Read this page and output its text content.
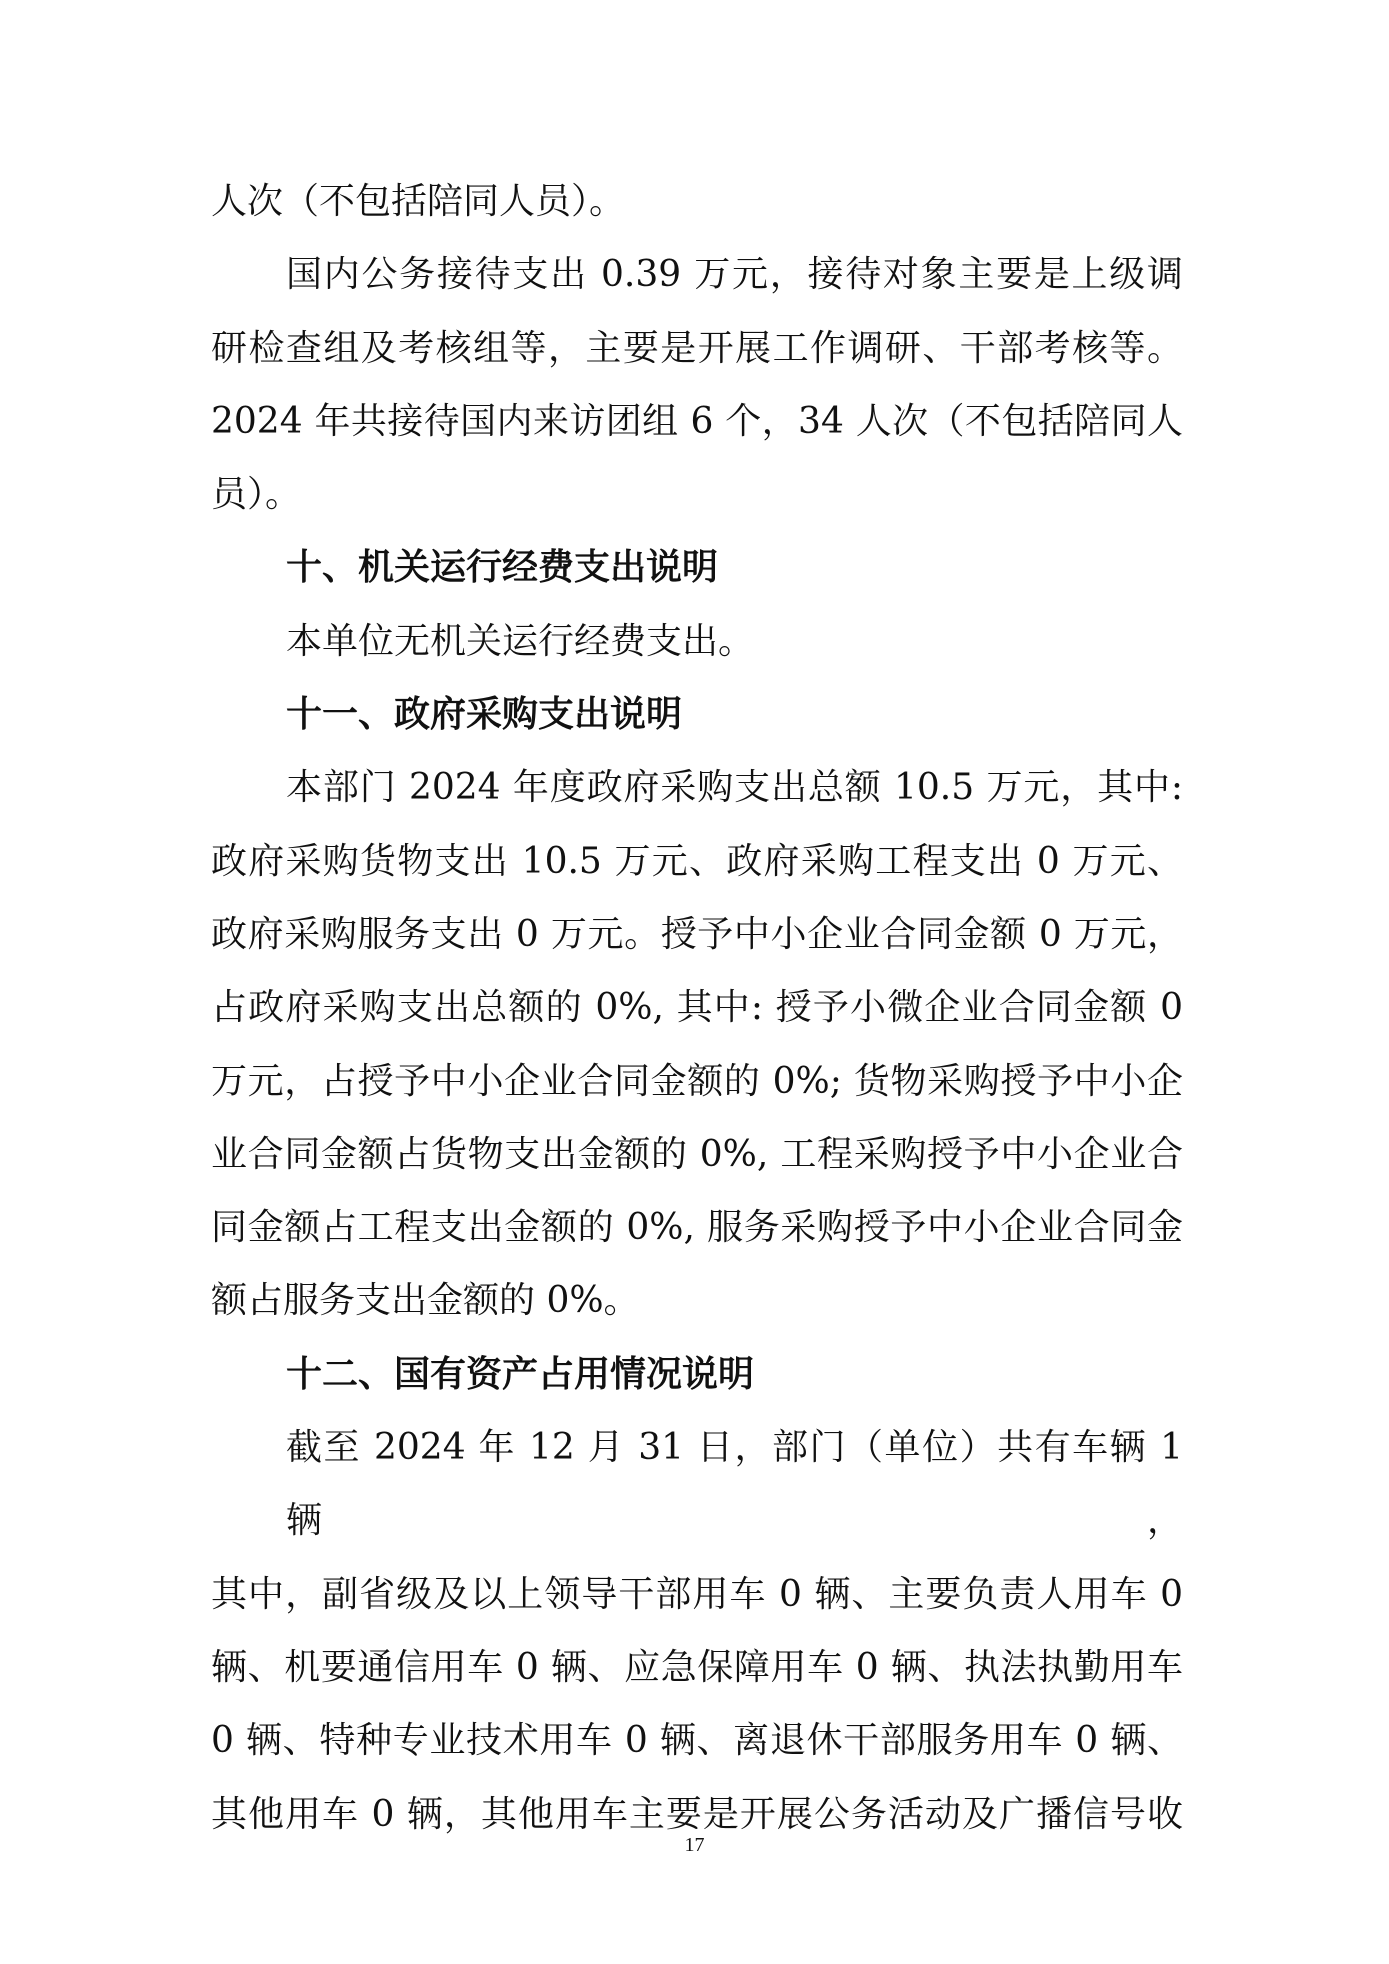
人次（不包括陪同人员）。
国内公务接待支出 0.39 万元，接待对象主要是上级调
研检查组及考核组等，主要是开展工作调研、干部考核等。
2024 年共接待国内来访团组 6 个，34 人次（不包括陪同人
员）。
十、机关运行经费支出说明
本单位无机关运行经费支出。
十一、政府采购支出说明
本部门 2024 年度政府采购支出总额 10.5 万元，其中:
政府采购货物支出 10.5 万元、政府采购工程支出 0 万元、
政府采购服务支出 0 万元。授予中小企业合同金额 0 万元，
占政府采购支出总额的 0%, 其中: 授予小微企业合同金额 0
万元，占授予中小企业合同金额的 0%; 货物采购授予中小企
业合同金额占货物支出金额的 0%, 工程采购授予中小企业合
同金额占工程支出金额的 0%, 服务采购授予中小企业合同金
额占服务支出金额的 0%。
十二、国有资产占用情况说明
截至 2024 年 12 月 31 日，部门（单位）共有车辆 1 辆，
其中，副省级及以上领导干部用车 0 辆、主要负责人用车 0
辆、机要通信用车 0 辆、应急保障用车 0 辆、执法执勤用车
0 辆、特种专业技术用车 0 辆、离退休干部服务用车 0 辆、
其他用车 0 辆，其他用车主要是开展公务活动及广播信号收
17
